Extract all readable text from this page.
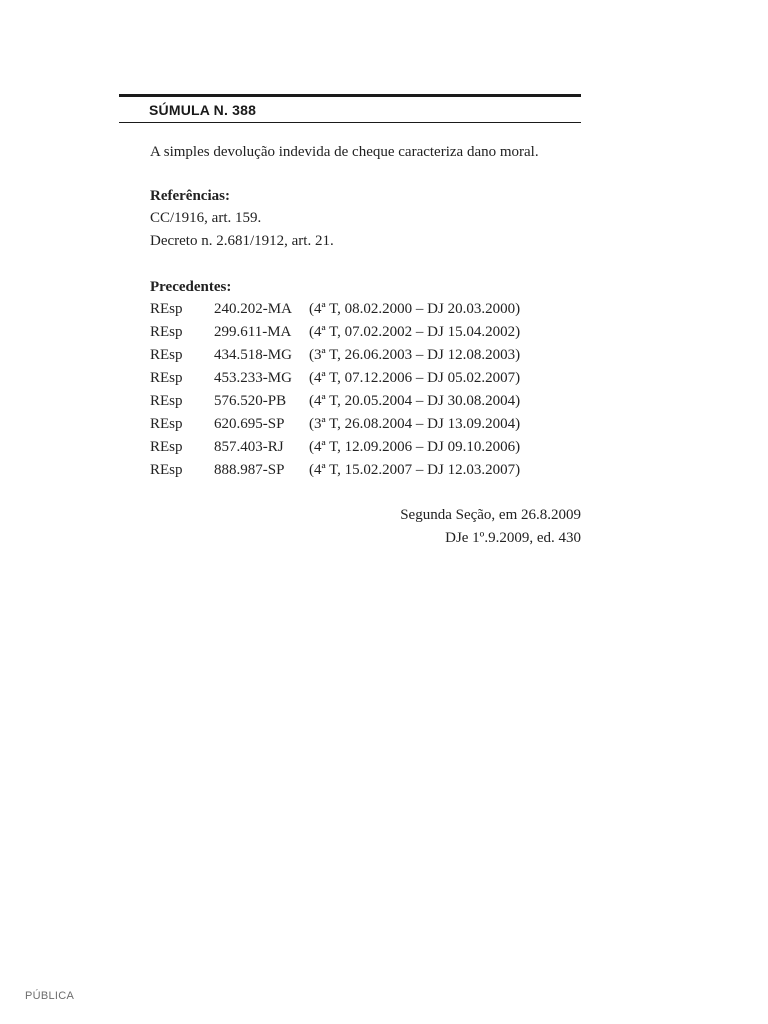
SÚMULA N. 388
A simples devolução indevida de cheque caracteriza dano moral.
Referências:
CC/1916, art. 159.
Decreto n. 2.681/1912, art. 21.
Precedentes:
REsp	240.202-MA	(4ª T, 08.02.2000 – DJ 20.03.2000)
REsp	299.611-MA	(4ª T, 07.02.2002 – DJ 15.04.2002)
REsp	434.518-MG	(3ª T, 26.06.2003 – DJ 12.08.2003)
REsp	453.233-MG	(4ª T, 07.12.2006 – DJ 05.02.2007)
REsp	576.520-PB	(4ª T, 20.05.2004 – DJ 30.08.2004)
REsp	620.695-SP	(3ª T, 26.08.2004 – DJ 13.09.2004)
REsp	857.403-RJ	(4ª T, 12.09.2006 – DJ 09.10.2006)
REsp	888.987-SP	(4ª T, 15.02.2007 – DJ 12.03.2007)
Segunda Seção, em 26.8.2009
DJe 1º.9.2009, ed. 430
PÚBLICA
